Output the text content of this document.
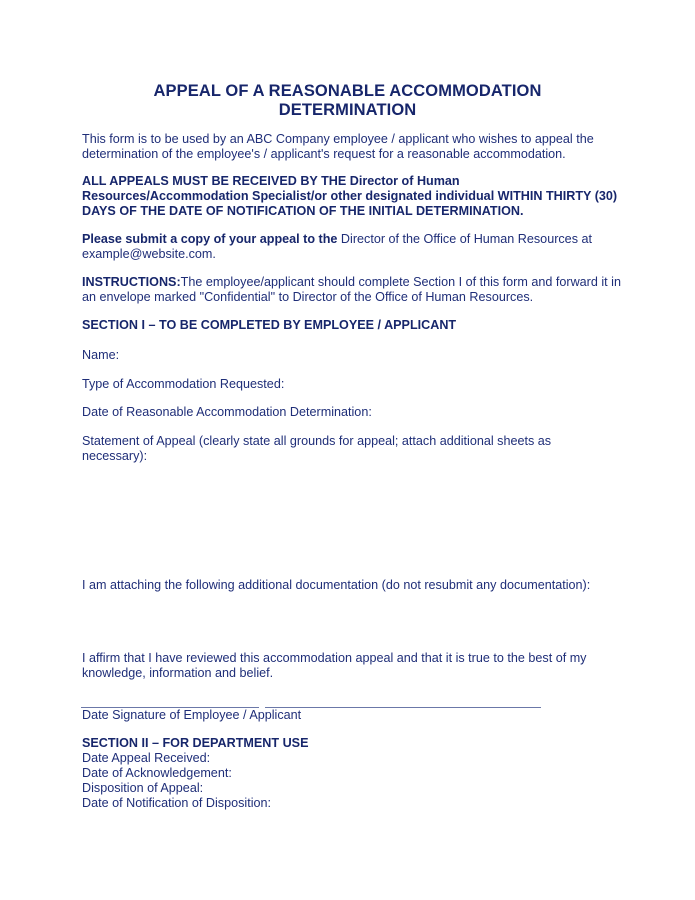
APPEAL OF A REASONABLE ACCOMMODATION
DETERMINATION
This form is to be used by an ABC Company employee / applicant who wishes to appeal the determination of the employee's / applicant's request for a reasonable accommodation.
ALL APPEALS MUST BE RECEIVED BY THE Director of Human Resources/Accommodation Specialist/or other designated individual WITHIN THIRTY (30) DAYS OF THE DATE OF NOTIFICATION OF THE INITIAL DETERMINATION.
Please submit a copy of your appeal to the Director of the Office of Human Resources at example@website.com.
INSTRUCTIONS:The employee/applicant should complete Section I of this form and forward it in an envelope marked "Confidential" to Director of the Office of Human Resources.
SECTION I – TO BE COMPLETED BY EMPLOYEE / APPLICANT
Name:
Type of Accommodation Requested:
Date of Reasonable Accommodation Determination:
Statement of Appeal (clearly state all grounds for appeal; attach additional sheets as necessary):
I am attaching the following additional documentation (do not resubmit any documentation):
I affirm that I have reviewed this accommodation appeal and that it is true to the best of my knowledge, information and belief.
Date Signature of Employee / Applicant
SECTION II – FOR DEPARTMENT USE
Date Appeal Received:
Date of Acknowledgement:
Disposition of Appeal:
Date of Notification of Disposition:
